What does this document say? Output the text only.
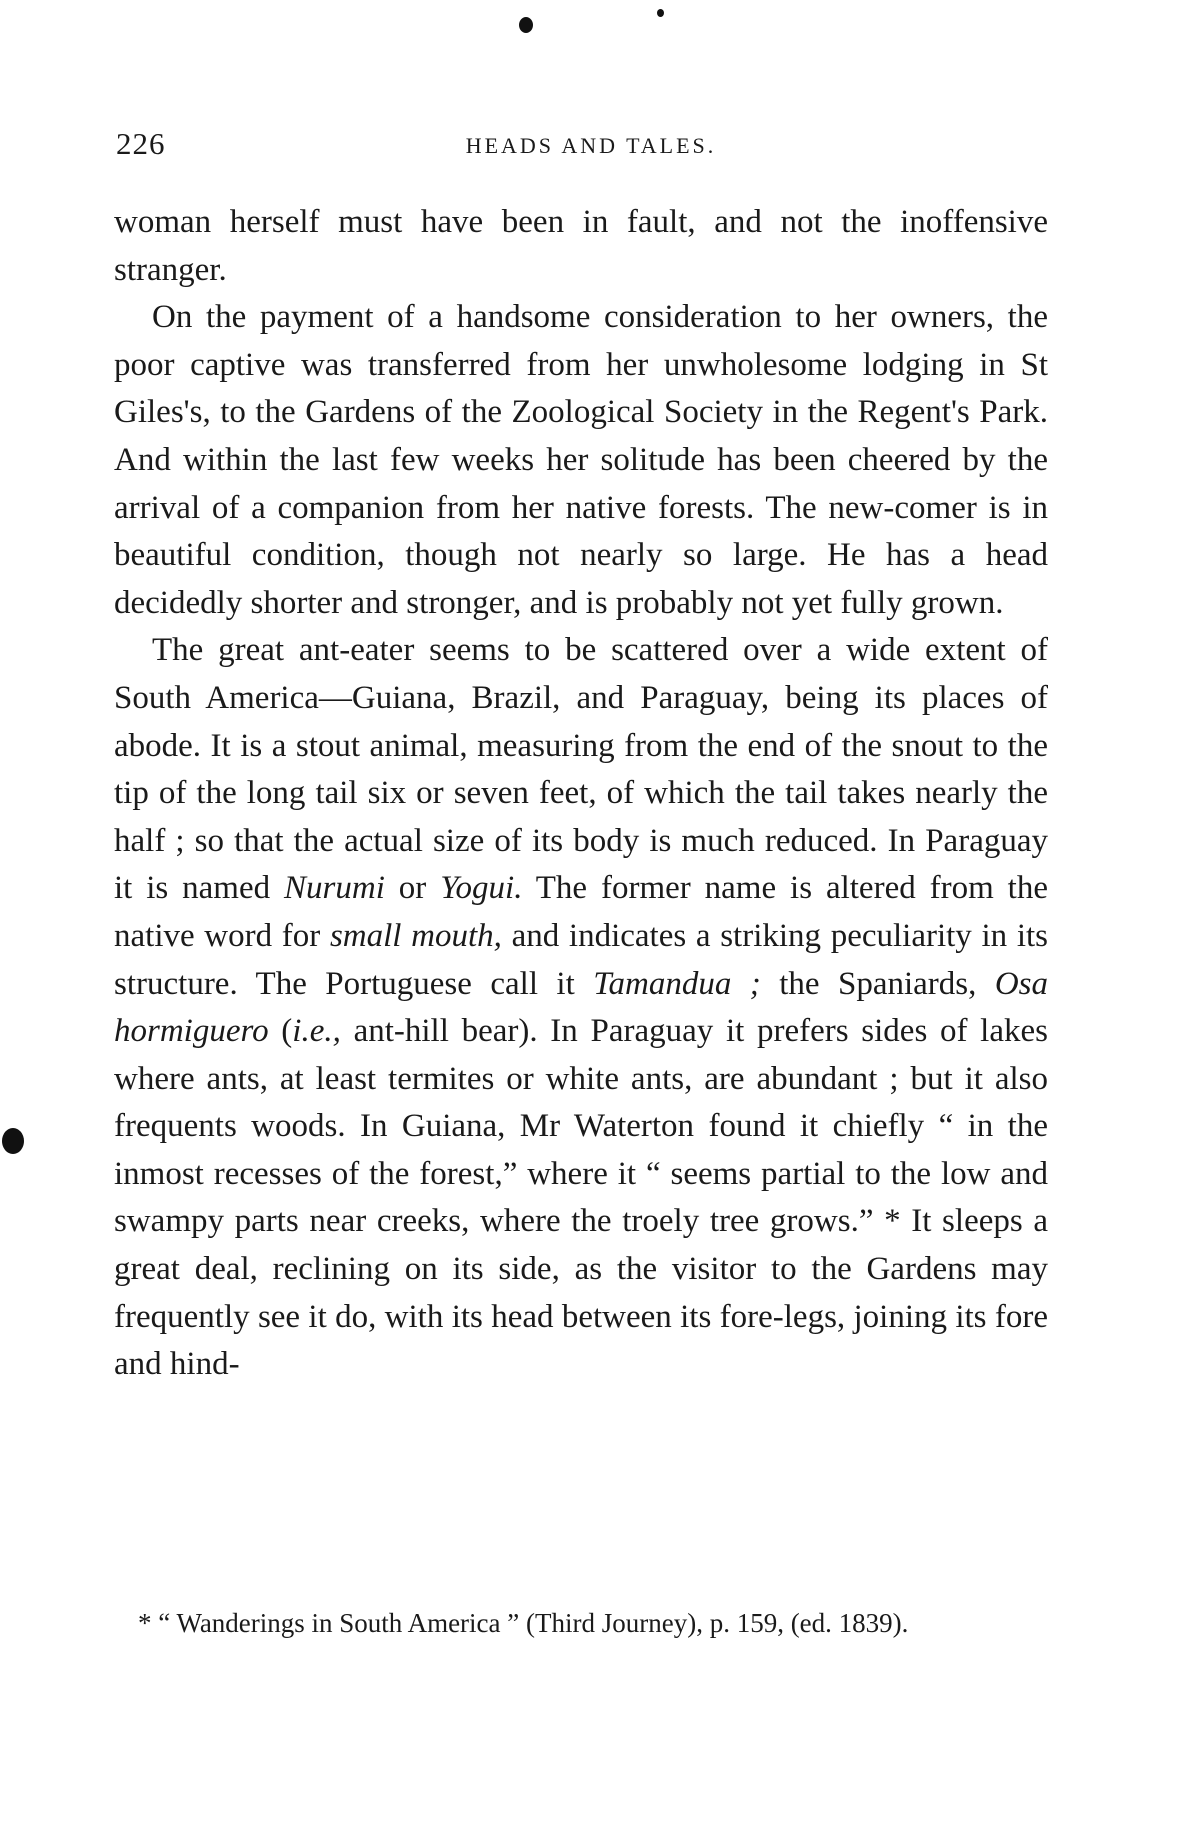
226	HEADS AND TALES.

woman herself must have been in fault, and not the inoffensive stranger.

On the payment of a handsome consideration to her owners, the poor captive was transferred from her unwholesome lodging in St Giles's, to the Gardens of the Zoological Society in the Regent's Park. And within the last few weeks her solitude has been cheered by the arrival of a companion from her native forests. The new-comer is in beautiful condition, though not nearly so large. He has a head decidedly shorter and stronger, and is probably not yet fully grown.

The great ant-eater seems to be scattered over a wide extent of South America—Guiana, Brazil, and Paraguay, being its places of abode. It is a stout animal, measuring from the end of the snout to the tip of the long tail six or seven feet, of which the tail takes nearly the half ; so that the actual size of its body is much reduced. In Paraguay it is named Nurumi or Yogui. The former name is altered from the native word for small mouth, and indicates a striking peculiarity in its structure. The Portuguese call it Tamandua ; the Spaniards, Osa hormiguero (i.e., ant-hill bear). In Paraguay it prefers sides of lakes where ants, at least termites or white ants, are abundant ; but it also frequents woods. In Guiana, Mr Waterton found it chiefly “ in the inmost recesses of the forest,” where it “ seems partial to the low and swampy parts near creeks, where the troely tree grows.” * It sleeps a great deal, reclining on its side, as the visitor to the Gardens may frequently see it do, with its head between its fore-legs, joining its fore and hind-

* “ Wanderings in South America ” (Third Journey), p. 159, (ed. 1839).
